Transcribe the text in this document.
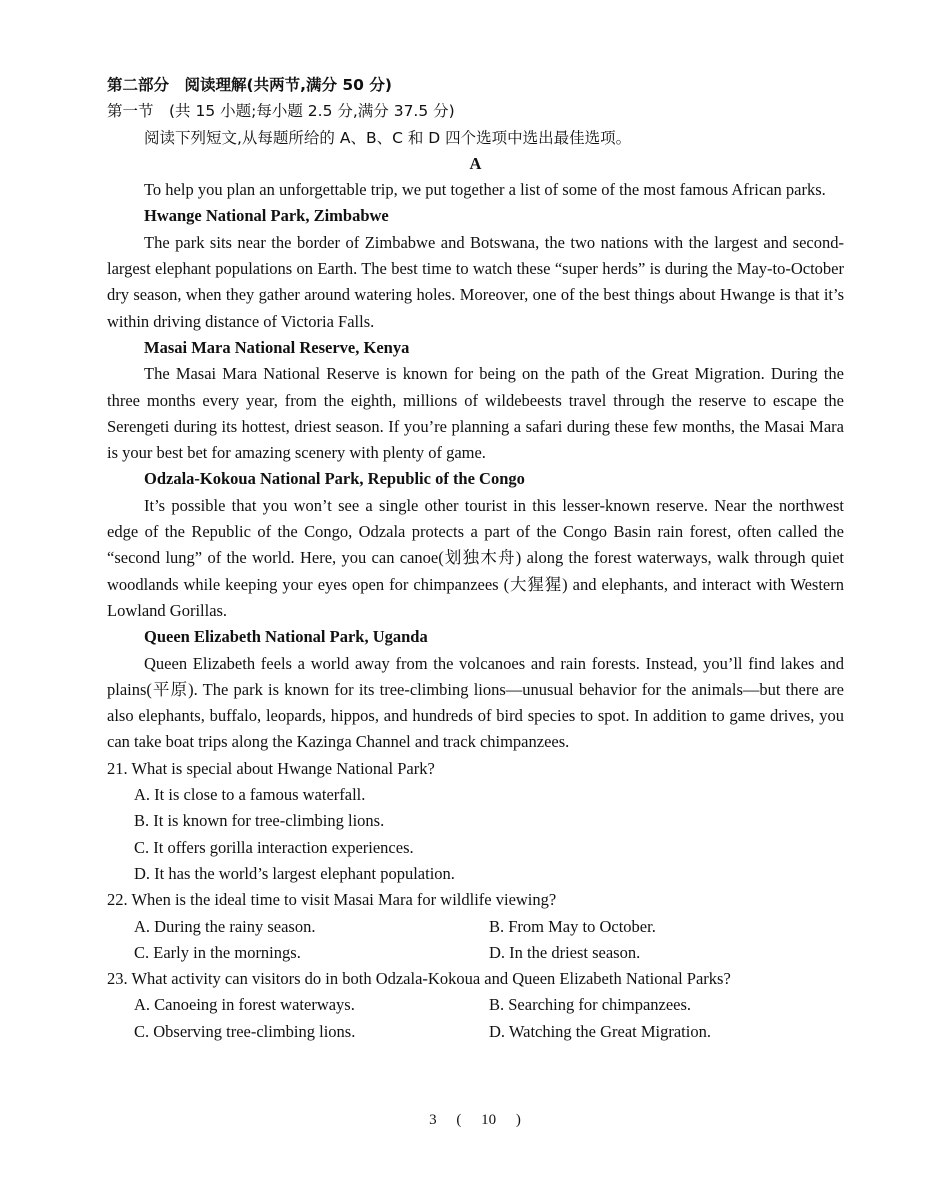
第二部分　阅读理解(共两节,满分 50 分)
第一节　(共 15 小题;每小题 2.5 分,满分 37.5 分)
阅读下列短文,从每题所给的 A、B、C 和 D 四个选项中选出最佳选项。
A
To help you plan an unforgettable trip, we put together a list of some of the most famous African parks.
Hwange National Park, Zimbabwe
The park sits near the border of Zimbabwe and Botswana, the two nations with the largest and second-largest elephant populations on Earth. The best time to watch these “super herds” is during the May-to-October dry season, when they gather around watering holes. Moreover, one of the best things about Hwange is that it’s within driving distance of Victoria Falls.
Masai Mara National Reserve, Kenya
The Masai Mara National Reserve is known for being on the path of the Great Migration. During the three months every year, from the eighth, millions of wildebeests travel through the reserve to escape the Serengeti during its hottest, driest season. If you’re planning a safari during these few months, the Masai Mara is your best bet for amazing scenery with plenty of game.
Odzala-Kokoua National Park, Republic of the Congo
It’s possible that you won’t see a single other tourist in this lesser-known reserve. Near the northwest edge of the Republic of the Congo, Odzala protects a part of the Congo Basin rain forest, often called the “second lung” of the world. Here, you can canoe(划独木舟) along the forest waterways, walk through quiet woodlands while keeping your eyes open for chimpanzees (大猩猩) and elephants, and interact with Western Lowland Gorillas.
Queen Elizabeth National Park, Uganda
Queen Elizabeth feels a world away from the volcanoes and rain forests. Instead, you’ll find lakes and plains(平原). The park is known for its tree-climbing lions—unusual behavior for the animals—but there are also elephants, buffalo, leopards, hippos, and hundreds of bird species to spot. In addition to game drives, you can take boat trips along the Kazinga Channel and track chimpanzees.
21. What is special about Hwange National Park?
A. It is close to a famous waterfall.
B. It is known for tree-climbing lions.
C. It offers gorilla interaction experiences.
D. It has the world’s largest elephant population.
22. When is the ideal time to visit Masai Mara for wildlife viewing?
A. During the rainy season.	B. From May to October.
C. Early in the mornings.	D. In the driest season.
23. What activity can visitors do in both Odzala-Kokoua and Queen Elizabeth National Parks?
A. Canoeing in forest waterways.	B. Searching for chimpanzees.
C. Observing tree-climbing lions.	D. Watching the Great Migration.
3 ( 10 )
